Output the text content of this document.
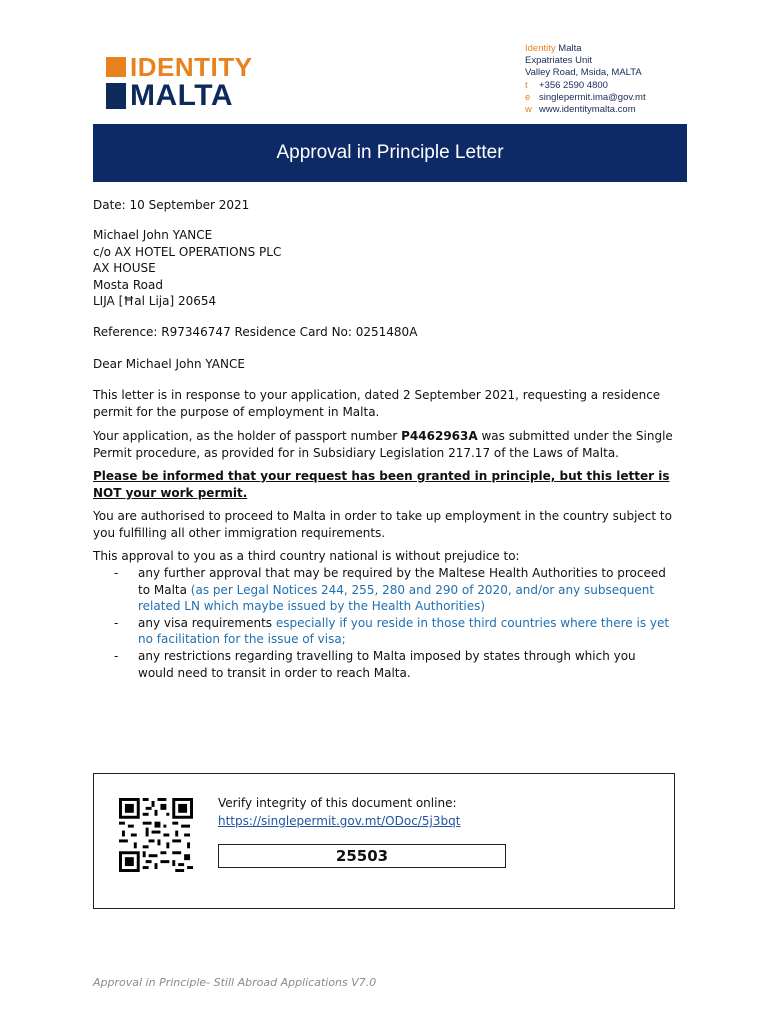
IDENTITY
MALTA
Identity Malta
Expatriates Unit
Valley Road, Msida, MALTA
t +356 2590 4800
e singlepermit.ima@gov.mt
w www.identitymalta.com
Approval in Principle Letter
Date: 10 September 2021
Michael John YANCE
c/o AX HOTEL OPERATIONS PLC
AX HOUSE
Mosta Road
LIJA [Ħal Lija] 20654
Reference: R97346747 Residence Card No: 0251480A
Dear Michael John YANCE
This letter is in response to your application, dated 2 September 2021, requesting a residence permit for the purpose of employment in Malta.
Your application, as the holder of passport number P4462963A was submitted under the Single Permit procedure, as provided for in Subsidiary Legislation 217.17 of the Laws of Malta.
Please be informed that your request has been granted in principle, but this letter is NOT your work permit.
You are authorised to proceed to Malta in order to take up employment in the country subject to you fulfilling all other immigration requirements.
This approval to you as a third country national is without prejudice to:
- any further approval that may be required by the Maltese Health Authorities to proceed to Malta (as per Legal Notices 244, 255, 280 and 290 of 2020, and/or any subsequent related LN which maybe issued by the Health Authorities)
- any visa requirements especially if you reside in those third countries where there is yet no facilitation for the issue of visa;
- any restrictions regarding travelling to Malta imposed by states through which you would need to transit in order to reach Malta.
Verify integrity of this document online:
https://singlepermit.gov.mt/ODoc/5j3bqt
25503
Approval in Principle- Still Abroad Applications V7.0
